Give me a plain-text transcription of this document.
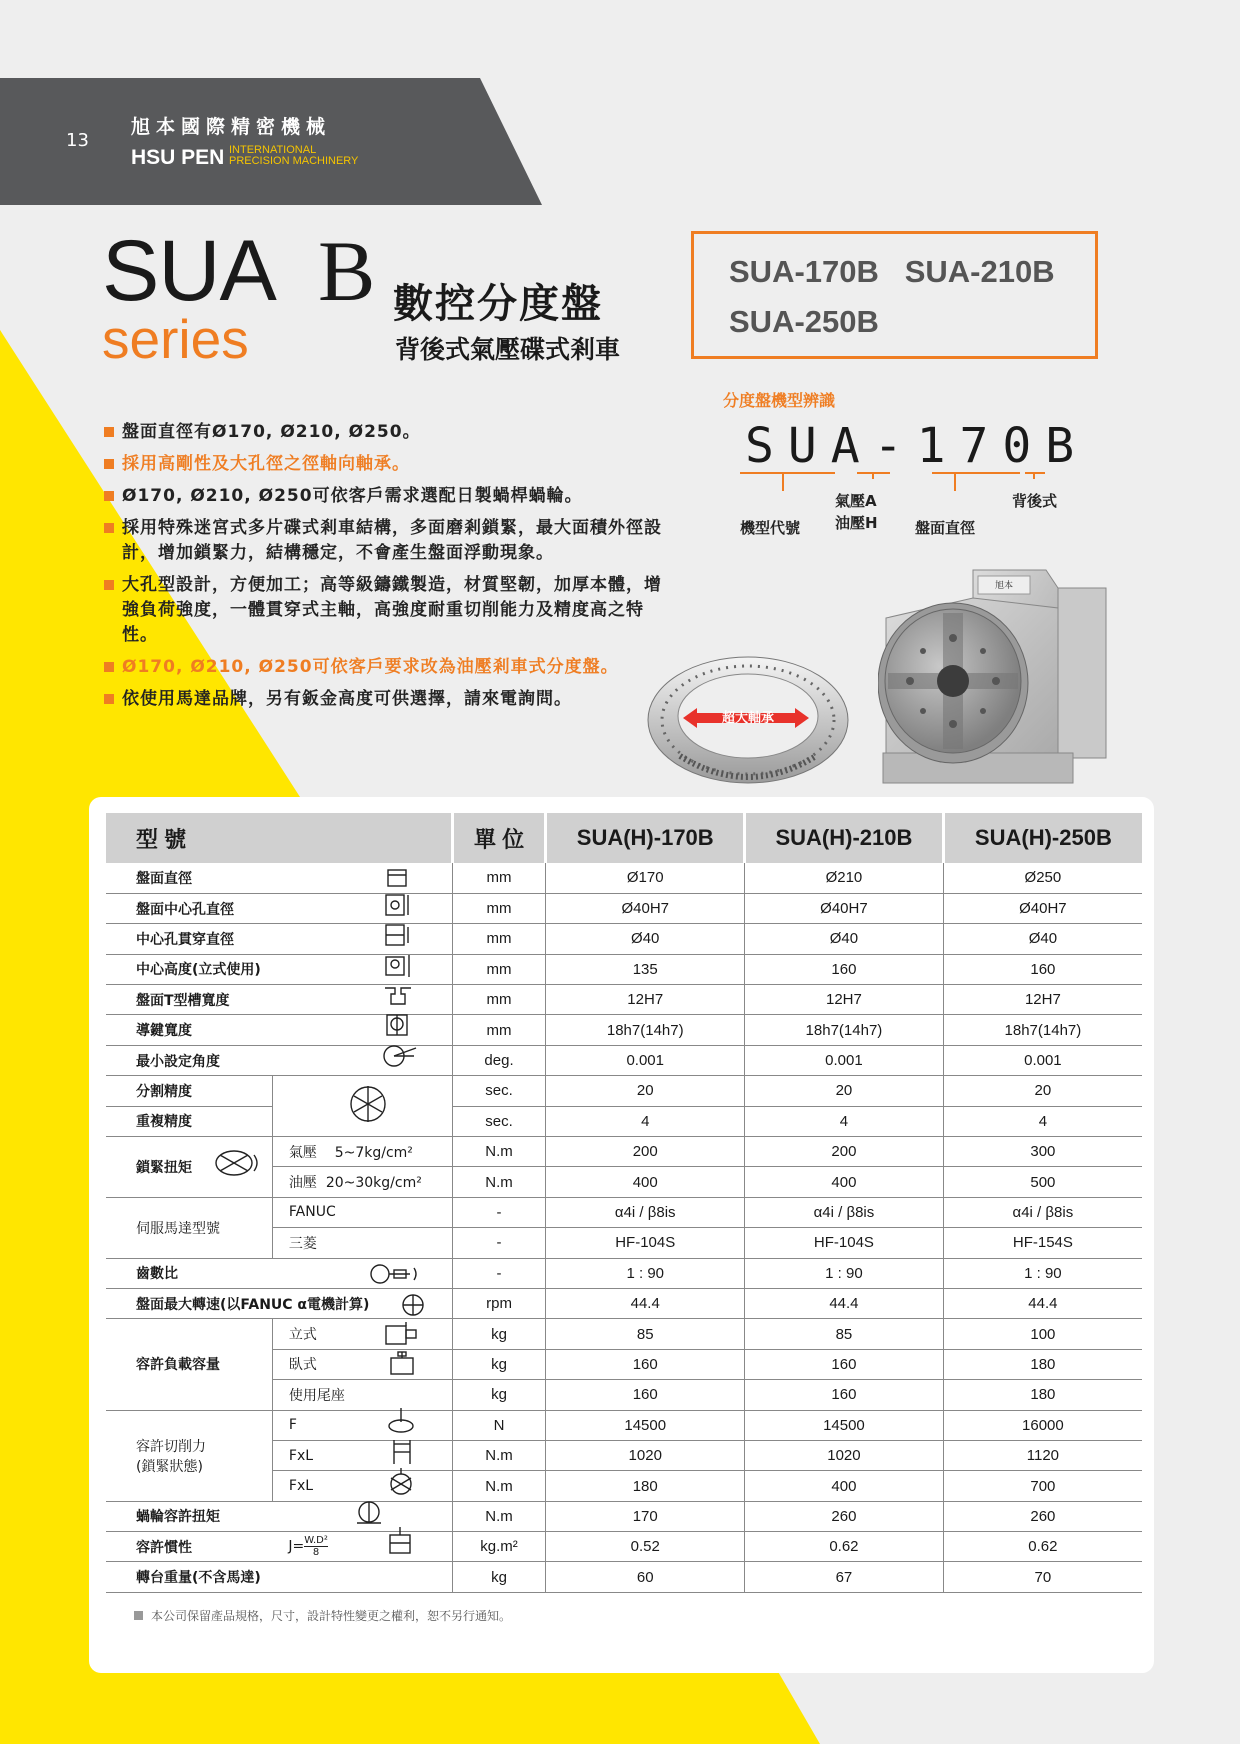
13
旭本國際精密機械
HSU PEN INTERNATIONAL
PRECISION MACHINERY
SUA B
series
數控分度盤
背後式氣壓碟式剎車
SUA-170B   SUA-210B
SUA-250B
分度盤機型辨識
SUA-170B
機型代號
氣壓A
油壓H 盤面直徑
背後式
盤面直徑有Ø170, Ø210, Ø250。
採用高剛性及大孔徑之徑軸向軸承。
Ø170, Ø210, Ø250可依客戶需求選配日製蝸桿蝸輪。
採用特殊迷宮式多片碟式剎車結構，多面磨剎鎖緊，最大面積外徑設計，增加鎖緊力，結構穩定，不會產生盤面浮動現象。
大孔型設計，方便加工；高等級鑄鐵製造，材質堅韌，加厚本體，增強負荷強度，一體貫穿式主軸，高強度耐重切削能力及精度高之特性。
Ø170, Ø210, Ø250可依客戶要求改為油壓剎車式分度盤。
依使用馬達品牌，另有鈑金高度可供選擇，請來電詢問。
超大軸承
旭本
型 號		單 位	SUA(H)-170B	SUA(H)-210B	SUA(H)-250B
盤面直徑		mm	Ø170	Ø210	Ø250
盤面中心孔直徑		mm	Ø40H7	Ø40H7	Ø40H7
中心孔貫穿直徑		mm	Ø40	Ø40	Ø40
中心高度(立式使用)		mm	135	160	160
盤面T型槽寬度		mm	12H7	12H7	12H7
導鍵寬度		mm	18h7(14h7)	18h7(14h7)	18h7(14h7)
最小設定角度		deg.	0.001	0.001	0.001
分割精度		sec.	20	20	20
重複精度		sec.	4	4	4
鎖緊扭矩	氣壓 5~7kg/cm²	N.m	200	200	300
	油壓 20~30kg/cm²	N.m	400	400	500
伺服馬達型號	FANUC	-	α4i / β8is	α4i / β8is	α4i / β8is
	三菱	-	HF-104S	HF-104S	HF-154S
齒數比		-	1 : 90	1 : 90	1 : 90
盤面最大轉速(以FANUC α電機計算)		rpm	44.4	44.4	44.4
容許負載容量	立式	kg	85	85	100
	臥式	kg	160	160	180
	使用尾座	kg	160	160	180

容許切削力
(鎖緊狀態)	F	N	14500	14500	16000
	FxL	N.m	1020	1020	1120
	FxL	N.m	180	400	700
蝸輪容許扭矩		N.m	170	260	260
容許慣性	$J= \frac{\text{W.D²}}{8}$	kg.m²	0.52	0.62	0.62
轉台重量(不含馬達)		kg	60	67	70
本公司保留產品規格，尺寸，設計特性變更之權利，恕不另行通知。
